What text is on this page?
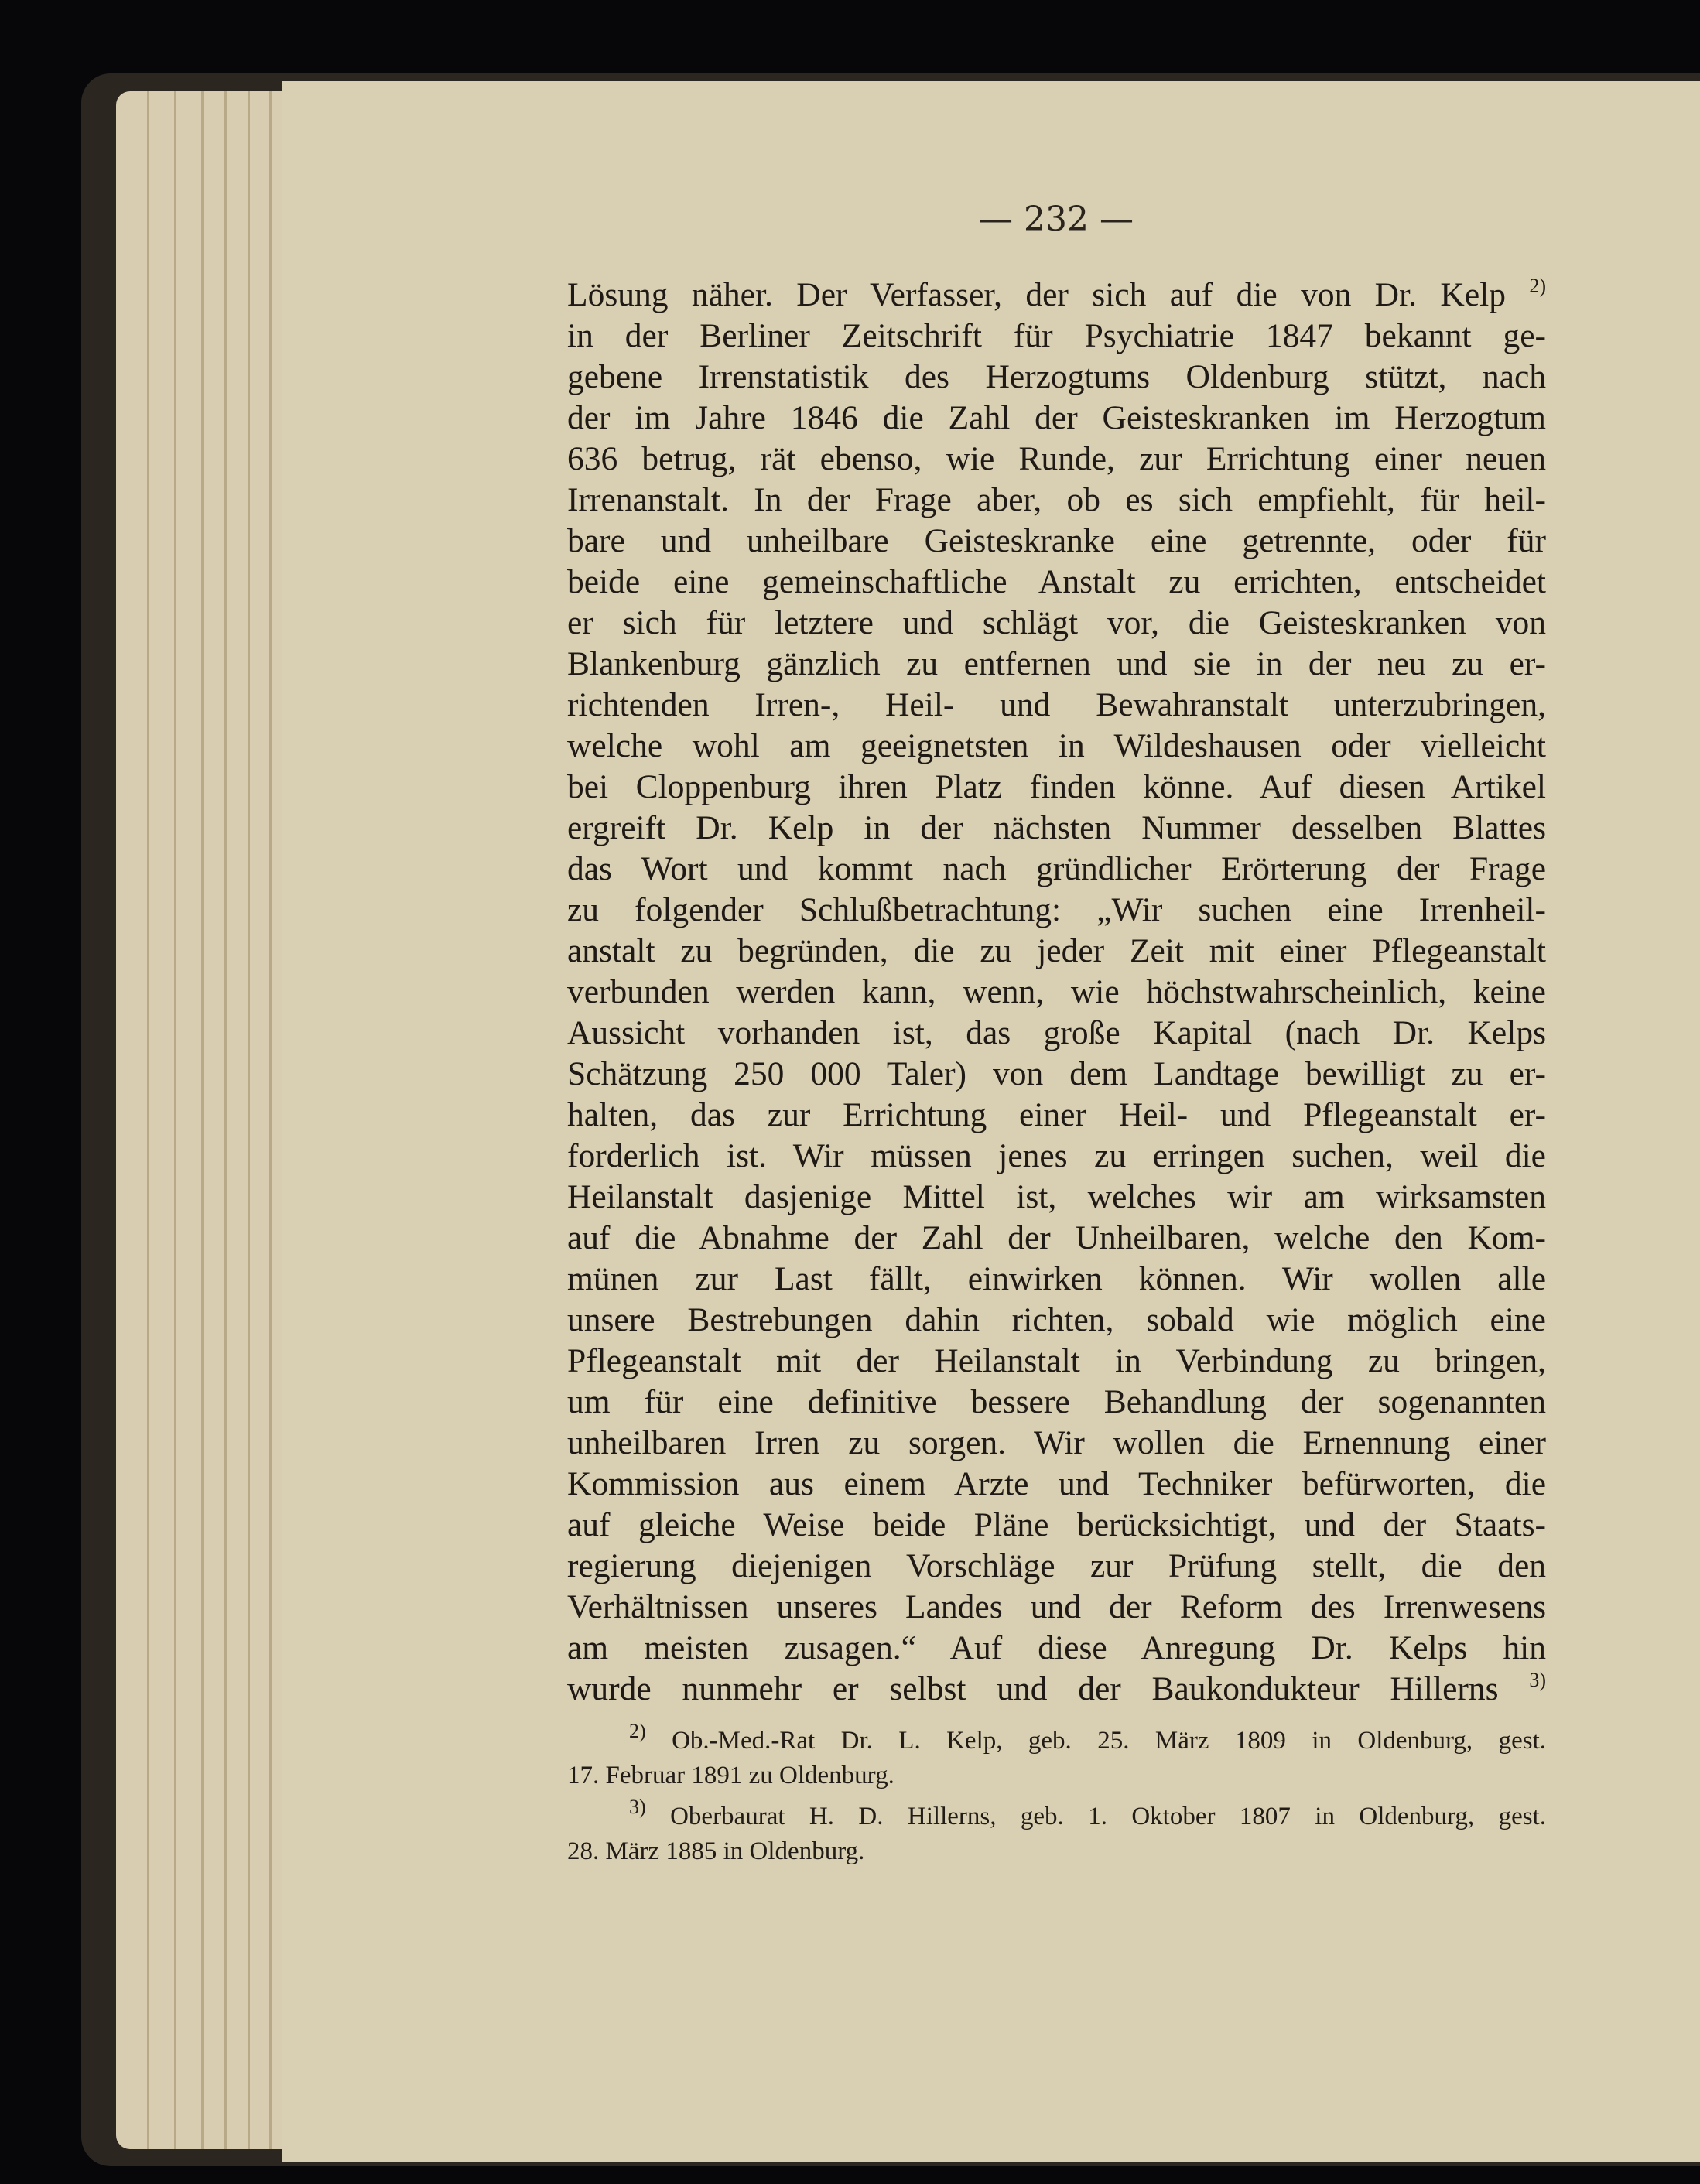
— 232 —
Lösung näher. Der Verfasser, der sich auf die von Dr. Kelp $^{2)}$
in der Berliner Zeitschrift für Psychiatrie 1847 bekannt ge-
gebene Irrenstatistik des Herzogtums Oldenburg stützt, nach
der im Jahre 1846 die Zahl der Geisteskranken im Herzogtum
636 betrug, rät ebenso, wie Runde, zur Errichtung einer neuen
Irrenanstalt. In der Frage aber, ob es sich empfiehlt, für heil-
bare und unheilbare Geisteskranke eine getrennte, oder für
beide eine gemeinschaftliche Anstalt zu errichten, entscheidet
er sich für letztere und schlägt vor, die Geisteskranken von
Blankenburg gänzlich zu entfernen und sie in der neu zu er-
richtenden Irren-, Heil- und Bewahranstalt unterzubringen,
welche wohl am geeignetsten in Wildeshausen oder vielleicht
bei Cloppenburg ihren Platz finden könne. Auf diesen Artikel
ergreift Dr. Kelp in der nächsten Nummer desselben Blattes
das Wort und kommt nach gründlicher Erörterung der Frage
zu folgender Schlußbetrachtung: „Wir suchen eine Irrenheil-
anstalt zu begründen, die zu jeder Zeit mit einer Pflegeanstalt
verbunden werden kann, wenn, wie höchstwahrscheinlich, keine
Aussicht vorhanden ist, das große Kapital (nach Dr. Kelps
Schätzung 250 000 Taler) von dem Landtage bewilligt zu er-
halten, das zur Errichtung einer Heil- und Pflegeanstalt er-
forderlich ist. Wir müssen jenes zu erringen suchen, weil die
Heilanstalt dasjenige Mittel ist, welches wir am wirksamsten
auf die Abnahme der Zahl der Unheilbaren, welche den Kom-
münen zur Last fällt, einwirken können. Wir wollen alle
unsere Bestrebungen dahin richten, sobald wie möglich eine
Pflegeanstalt mit der Heilanstalt in Verbindung zu bringen,
um für eine definitive bessere Behandlung der sogenannten
unheilbaren Irren zu sorgen. Wir wollen die Ernennung einer
Kommission aus einem Arzte und Techniker befürworten, die
auf gleiche Weise beide Pläne berücksichtigt, und der Staats-
regierung diejenigen Vorschläge zur Prüfung stellt, die den
Verhältnissen unseres Landes und der Reform des Irrenwesens
am meisten zusagen.“ Auf diese Anregung Dr. Kelps hin
wurde nunmehr er selbst und der Baukondukteur Hillerns $^{3)}$
$^{2)}$ Ob.-Med.-Rat Dr. L. Kelp, geb. 25. März 1809 in Oldenburg, gest.
17. Februar 1891 zu Oldenburg.
$^{3)}$ Oberbaurat H. D. Hillerns, geb. 1. Oktober 1807 in Oldenburg, gest.
28. März 1885 in Oldenburg.
